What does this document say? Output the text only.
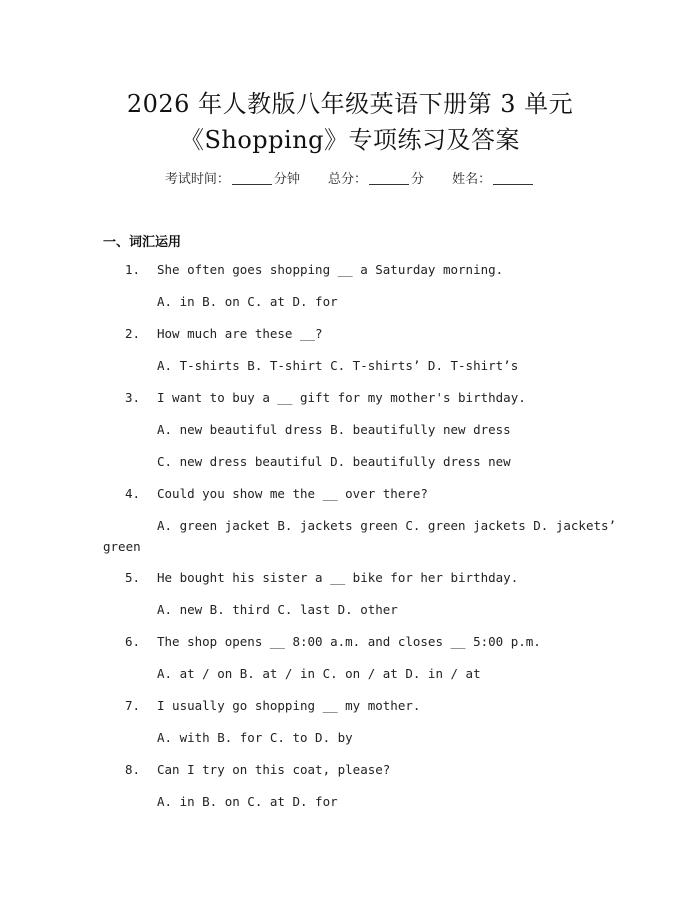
2026 年人教版八年级英语下册第 3 单元
《Shopping》专项练习及答案
考试时间：	分钟 总分：	分 姓名：
一、词汇运用
1. She often goes shopping __ a Saturday morning.
A. in B. on C. at D. for
2. How much are these __?
A. T-shirts B. T-shirt C. T-shirts’ D. T-shirt’s
3. I want to buy a __ gift for my mother's birthday.
A. new beautiful dress B. beautifully new dress
C. new dress beautiful D. beautifully dress new
4. Could you show me the __ over there?
A. green jacket B. jackets green C. green jackets D. jackets’
green
5. He bought his sister a __ bike for her birthday.
A. new B. third C. last D. other
6. The shop opens __ 8:00 a.m. and closes __ 5:00 p.m.
A. at / on B. at / in C. on / at D. in / at
7. I usually go shopping __ my mother.
A. with B. for C. to D. by
8. Can I try on this coat, please?
A. in B. on C. at D. for
